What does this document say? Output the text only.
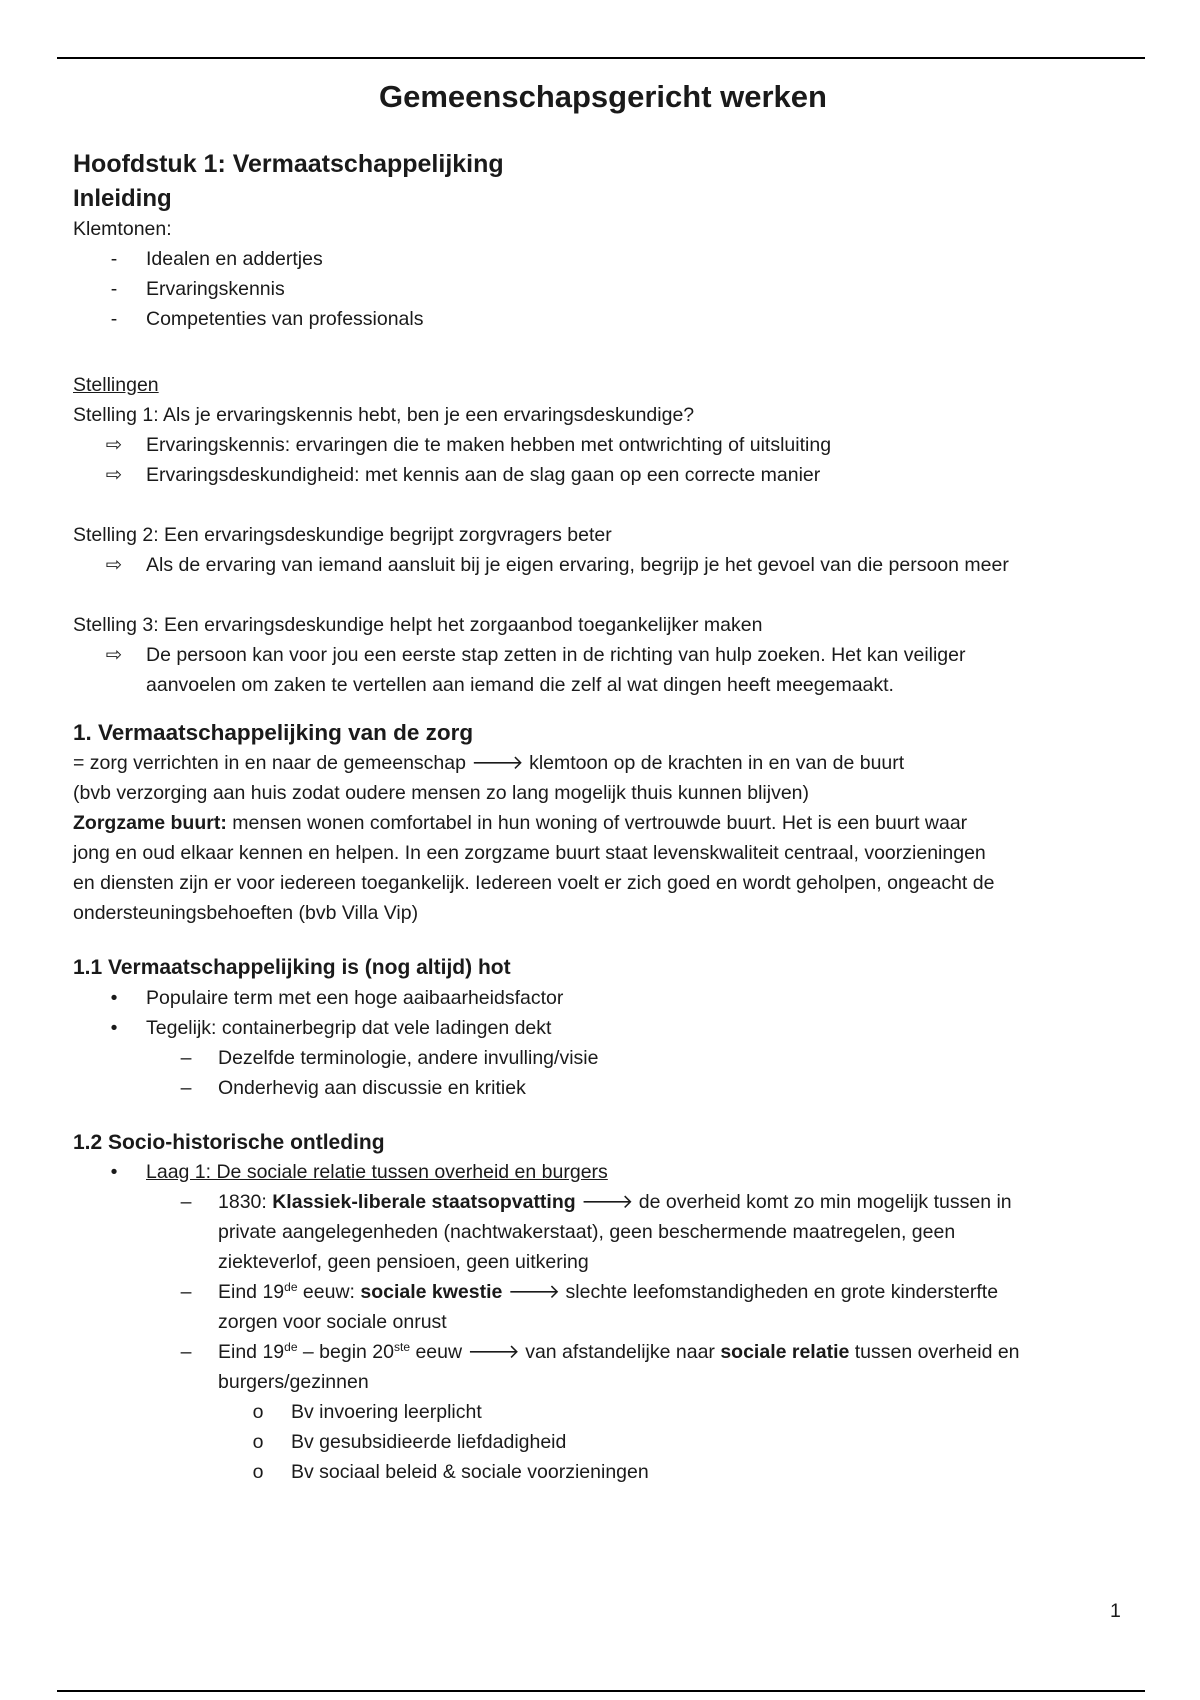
Gemeenschapsgericht werken
Hoofdstuk 1: Vermaatschappelijking
Inleiding

Klemtonen:

-	Idealen en addertjes
-	Ervaringskennis
-	Competenties van professionals

Stellingen

Stelling 1: Als je ervaringskennis hebt, ben je een ervaringsdeskundige?

⇨	Ervaringskennis: ervaringen die te maken hebben met ontwrichting of uitsluiting
⇨	Ervaringsdeskundigheid: met kennis aan de slag gaan op een correcte manier

Stelling 2: Een ervaringsdeskundige begrijpt zorgvragers beter

⇨	Als de ervaring van iemand aansluit bij je eigen ervaring, begrijp je het gevoel van die persoon meer

Stelling 3: Een ervaringsdeskundige helpt het zorgaanbod toegankelijker maken

⇨	De persoon kan voor jou een eerste stap zetten in de richting van hulp zoeken. Het kan veiliger
aanvoelen om zaken te vertellen aan iemand die zelf al wat dingen heeft meegemaakt.
1. Vermaatschappelijking van de zorg

= zorg verrichten in en naar de gemeenschap 🡒 klemtoon op de krachten in en van de buurt

(bvb verzorging aan huis zodat oudere mensen zo lang mogelijk thuis kunnen blijven)

Zorgzame buurt: mensen wonen comfortabel in hun woning of vertrouwde buurt. Het is een buurt waar
jong en oud elkaar kennen en helpen. In een zorgzame buurt staat levenskwaliteit centraal, voorzieningen
en diensten zijn er voor iedereen toegankelijk. Iedereen voelt er zich goed en wordt geholpen, ongeacht de
ondersteuningsbehoeften (bvb Villa Vip)

1.1 Vermaatschappelijking is (nog altijd) hot
•	Populaire term met een hoge aaibaarheidsfactor
•	Tegelijk: containerbegrip dat vele ladingen dekt
–	Dezelfde terminologie, andere invulling/visie
–	Onderhevig aan discussie en kritiek
1.2 Socio-historische ontleding
•	Laag 1: De sociale relatie tussen overheid en burgers
–	1830: Klassiek-liberale staatsopvatting 🡒 de overheid komt zo min mogelijk tussen in
private aangelegenheden (nachtwakerstaat), geen beschermende maatregelen, geen
ziekteverlof, geen pensioen, geen uitkering
–	Eind 19de eeuw: sociale kwestie 🡒 slechte leefomstandigheden en grote kindersterfte
zorgen voor sociale onrust
–	Eind 19de – begin 20ste eeuw 🡒 van afstandelijke naar sociale relatie tussen overheid en
burgers/gezinnen
o	Bv invoering leerplicht
o	Bv gesubsidieerde liefdadigheid
o	Bv sociaal beleid & sociale voorzieningen
1
